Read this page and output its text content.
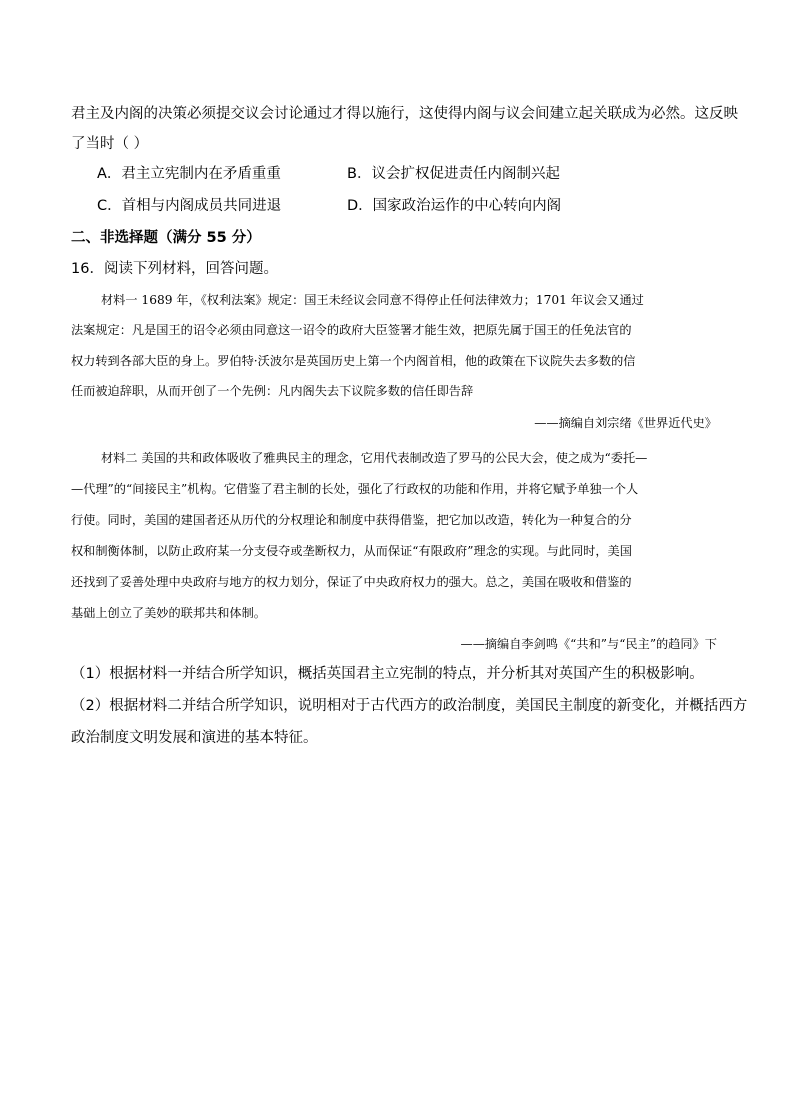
君主及内阁的决策必须提交议会讨论通过才得以施行，这使得内阁与议会间建立起关联成为必然。这反映
了当时（ ）
A．君主立宪制内在矛盾重重	B．议会扩权促进责任内阁制兴起
C．首相与内阁成员共同进退	D．国家政治运作的中心转向内阁
二、非选择题（满分 55 分）
16．阅读下列材料，回答问题。
材料一 1689 年，《权利法案》规定：国王未经议会同意不得停止任何法律效力；1701 年议会又通过
法案规定：凡是国王的诏令必须由同意这一诏令的政府大臣签署才能生效，把原先属于国王的任免法官的
权力转到各部大臣的身上。罗伯特·沃波尔是英国历史上第一个内阁首相，他的政策在下议院失去多数的信
任而被迫辞职，从而开创了一个先例：凡内阁失去下议院多数的信任即告辞
——摘编自刘宗绪《世界近代史》
材料二 美国的共和政体吸收了雅典民主的理念，它用代表制改造了罗马的公民大会，使之成为“委托—
—代理”的“间接民主”机构。它借鉴了君主制的长处，强化了行政权的功能和作用，并将它赋予单独一个人
行使。同时，美国的建国者还从历代的分权理论和制度中获得借鉴，把它加以改造，转化为一种复合的分
权和制衡体制，以防止政府某一分支侵夺或垄断权力，从而保证“有限政府”理念的实现。与此同时，美国
还找到了妥善处理中央政府与地方的权力划分，保证了中央政府权力的强大。总之，美国在吸收和借鉴的
基础上创立了美妙的联邦共和体制。
——摘编自李剑鸣《“共和”与“民主”的趋同》下
（1）根据材料一并结合所学知识，概括英国君主立宪制的特点，并分析其对英国产生的积极影响。
（2）根据材料二并结合所学知识，说明相对于古代西方的政治制度，美国民主制度的新变化，并概括西方
政治制度文明发展和演进的基本特征。
